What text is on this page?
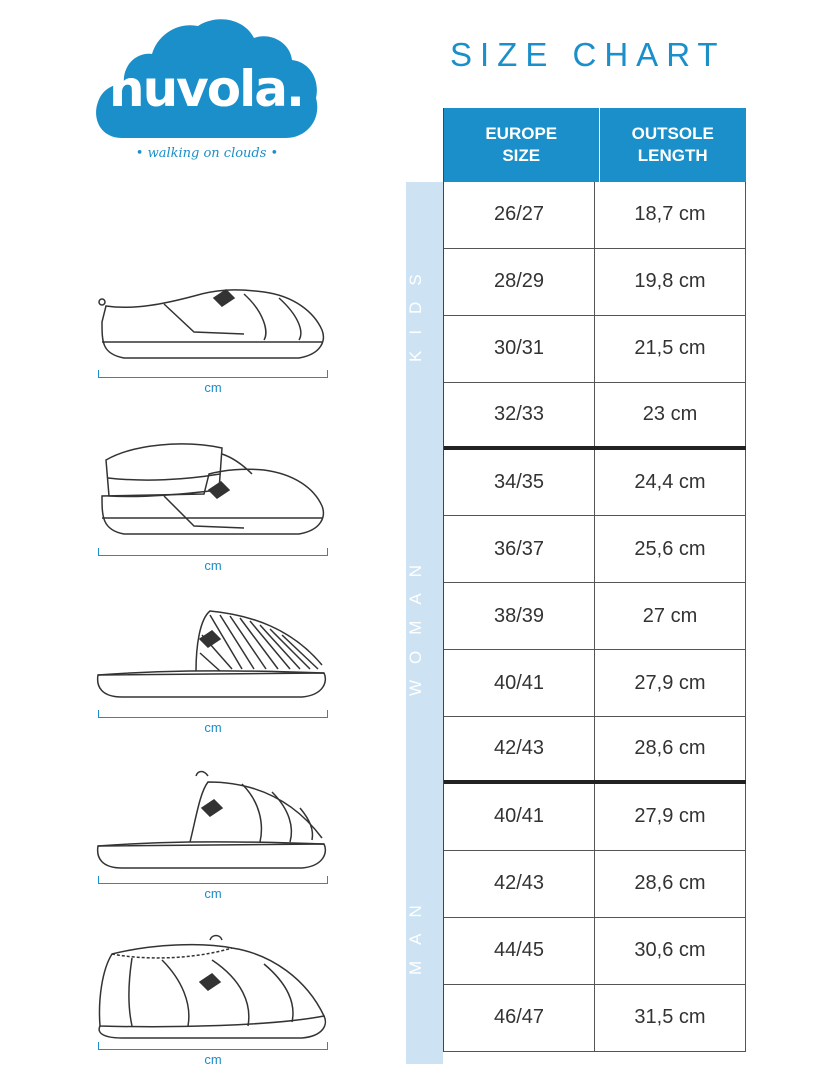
nuvola.
• walking on clouds •
SIZE CHART
KIDS
WOMAN
MAN
EUROPE SIZE
OUTSOLE LENGTH
26/27	18,7 cm
28/29	19,8 cm
30/31	21,5 cm
32/33	23 cm
34/35	24,4 cm
36/37	25,6 cm
38/39	27 cm
40/41	27,9 cm
42/43	28,6 cm
40/41	27,9 cm
42/43	28,6 cm
44/45	30,6 cm
46/47	31,5 cm
cm
cm
cm
cm
cm
